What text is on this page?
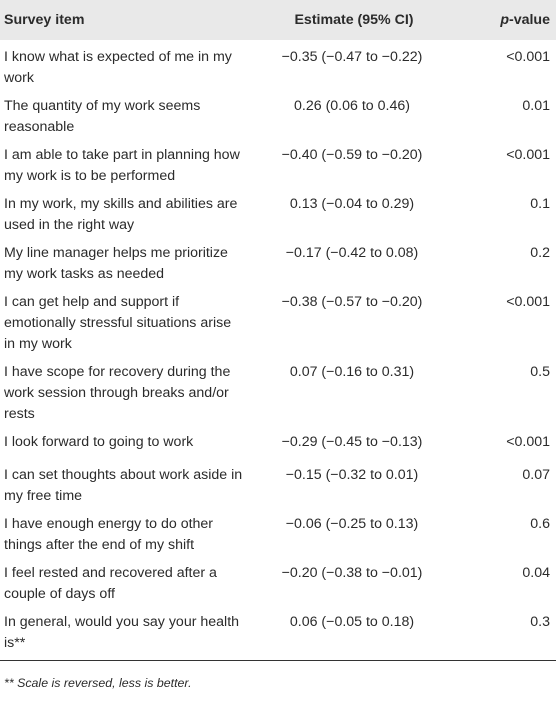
Survey item	Estimate (95% CI)	p-value
I know what is expected of me in my work	−0.35 (−0.47 to −0.22)	<0.001
The quantity of my work seems reasonable	0.26 (0.06 to 0.46)	0.01
I am able to take part in planning how my work is to be performed	−0.40 (−0.59 to −0.20)	<0.001
In my work, my skills and abilities are used in the right way	0.13 (−0.04 to 0.29)	0.1
My line manager helps me prioritize my work tasks as needed	−0.17 (−0.42 to 0.08)	0.2
I can get help and support if emotionally stressful situations arise in my work	−0.38 (−0.57 to −0.20)	<0.001
I have scope for recovery during the work session through breaks and/or rests	0.07 (−0.16 to 0.31)	0.5
I look forward to going to work	−0.29 (−0.45 to −0.13)	<0.001
I can set thoughts about work aside in my free time	−0.15 (−0.32 to 0.01)	0.07
I have enough energy to do other things after the end of my shift	−0.06 (−0.25 to 0.13)	0.6
I feel rested and recovered after a couple of days off	−0.20 (−0.38 to −0.01)	0.04
In general, would you say your health is**	0.06 (−0.05 to 0.18)	0.3
** Scale is reversed, less is better.
